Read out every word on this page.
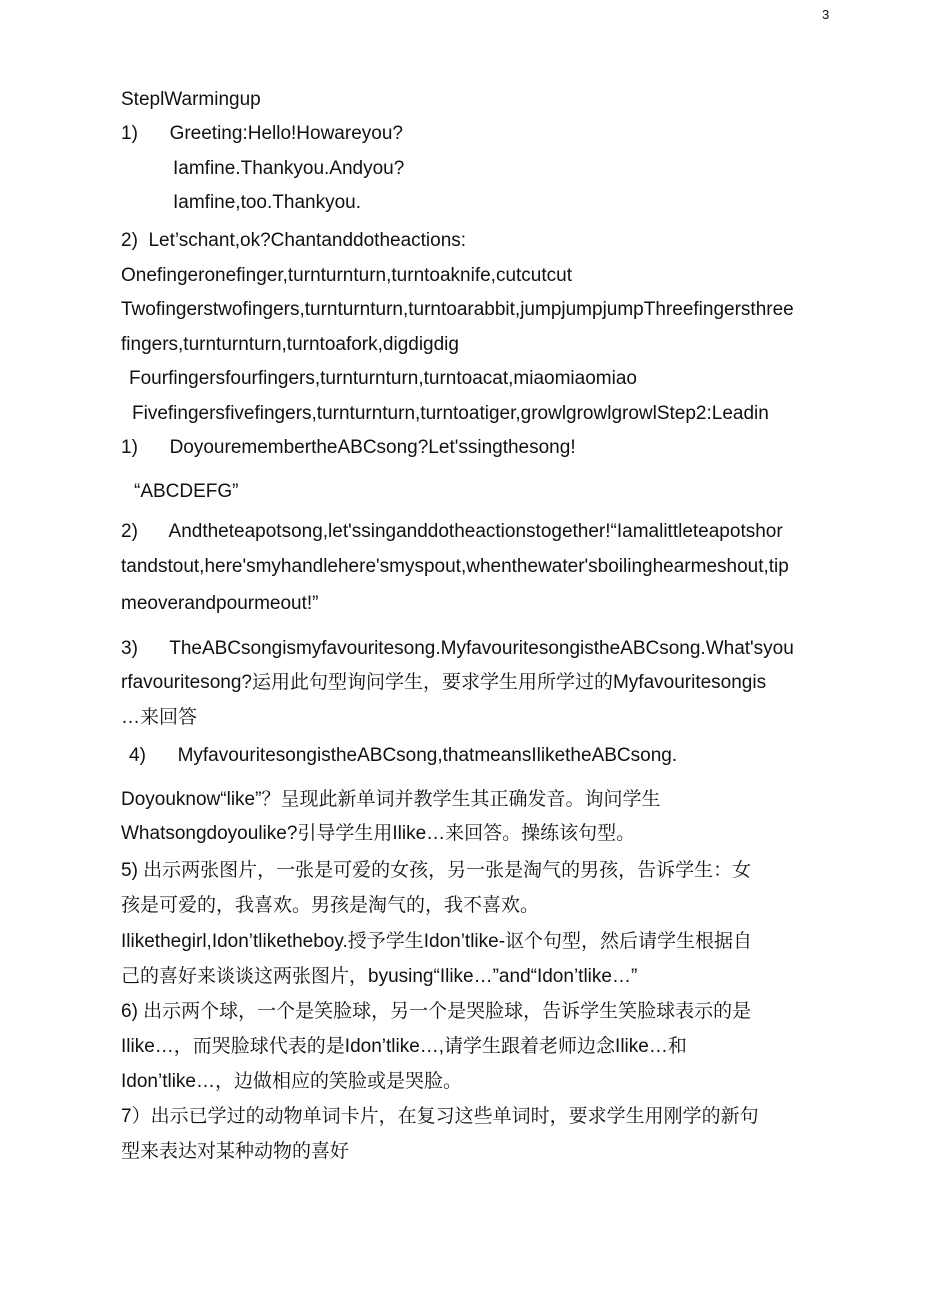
3
SteplWarmingup
1)      Greeting:Hello!Howareyou?
Iamfine.Thankyou.Andyou?
Iamfine,too.Thankyou.
2)  Let’schant,ok?Chantanddotheactions:
Onefingeronefinger,turnturnturn,turntoaknife,cutcutcut
Twofingerstwofingers,turnturnturn,turntoarabbit,jumpjumpjumpThreefingersthree
fingers,turnturnturn,turntoafork,digdigdig
Fourfingersfourfingers,turnturnturn,turntoacat,miaomiaomiao
Fivefingersfivefingers,turnturnturn,turntoatiger,growlgrowlgrowlStep2:Leadin
1)      DoyouremembertheABCsong?Let'ssingthesong!
“ABCDEFG”
2)      Andtheteapotsong,let'ssinganddotheactionstogether!“Iamalittleteapotshor
tandstout,here'smyhandlehere'smyspout,whenthewater'sboilinghearmeshout,tip
meoverandpourmeout!”
3)      TheABCsongismyfavouritesong.MyfavouritesongistheABCsong.What'syou
rfavouritesong?运用此句型询问学生，要求学生用所学过的Myfavouritesongis
…来回答
4)      MyfavouritesongistheABCsong,thatmeansIliketheABCsong.
Doyouknow“like”？呈现此新单词并教学生其正确发音。询问学生
Whatsongdoyoulike?引导学生用Ilike…来回答。操练该句型。
5) 出示两张图片，一张是可爱的女孩，另一张是淘气的男孩，告诉学生：女
孩是可爱的，我喜欢。男孩是淘气的，我不喜欢。
Ilikethegirl,Idon’tliketheboy.授予学生Idon’tlike-讴个句型，然后请学生根据自
己的喜好来谈谈这两张图片，byusing“Ilike…”and“Idon’tlike…”
6) 出示两个球，一个是笑脸球，另一个是哭脸球，告诉学生笑脸球表示的是
Ilike…，而哭脸球代表的是Idon’tlike…,请学生跟着老师边念Ilike…和
Idon’tlike…，边做相应的笑脸或是哭脸。
7）出示已学过的动物单词卡片，在复习这些单词时，要求学生用刚学的新句
型来表达对某种动物的喜好
